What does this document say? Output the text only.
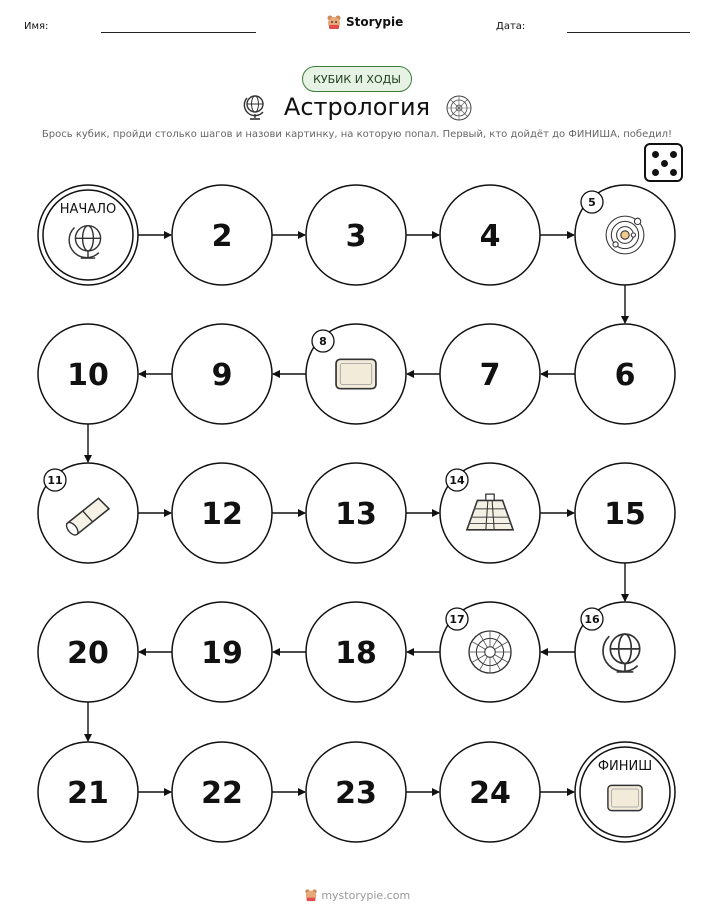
Имя:	Storypie	Дата:
КУБИК И ХОДЫ
Астрология
Брось кубик, пройди столько шагов и назови картинку, на которую попал. Первый, кто дойдёт до ФИНИША, победил!
НАЧАЛО
2	3	4
5
6
7
8
9
10
11
12	13
14
15
16
17
18
19
20
21	22	23	24
ФИНИШ
mystorypie.com
